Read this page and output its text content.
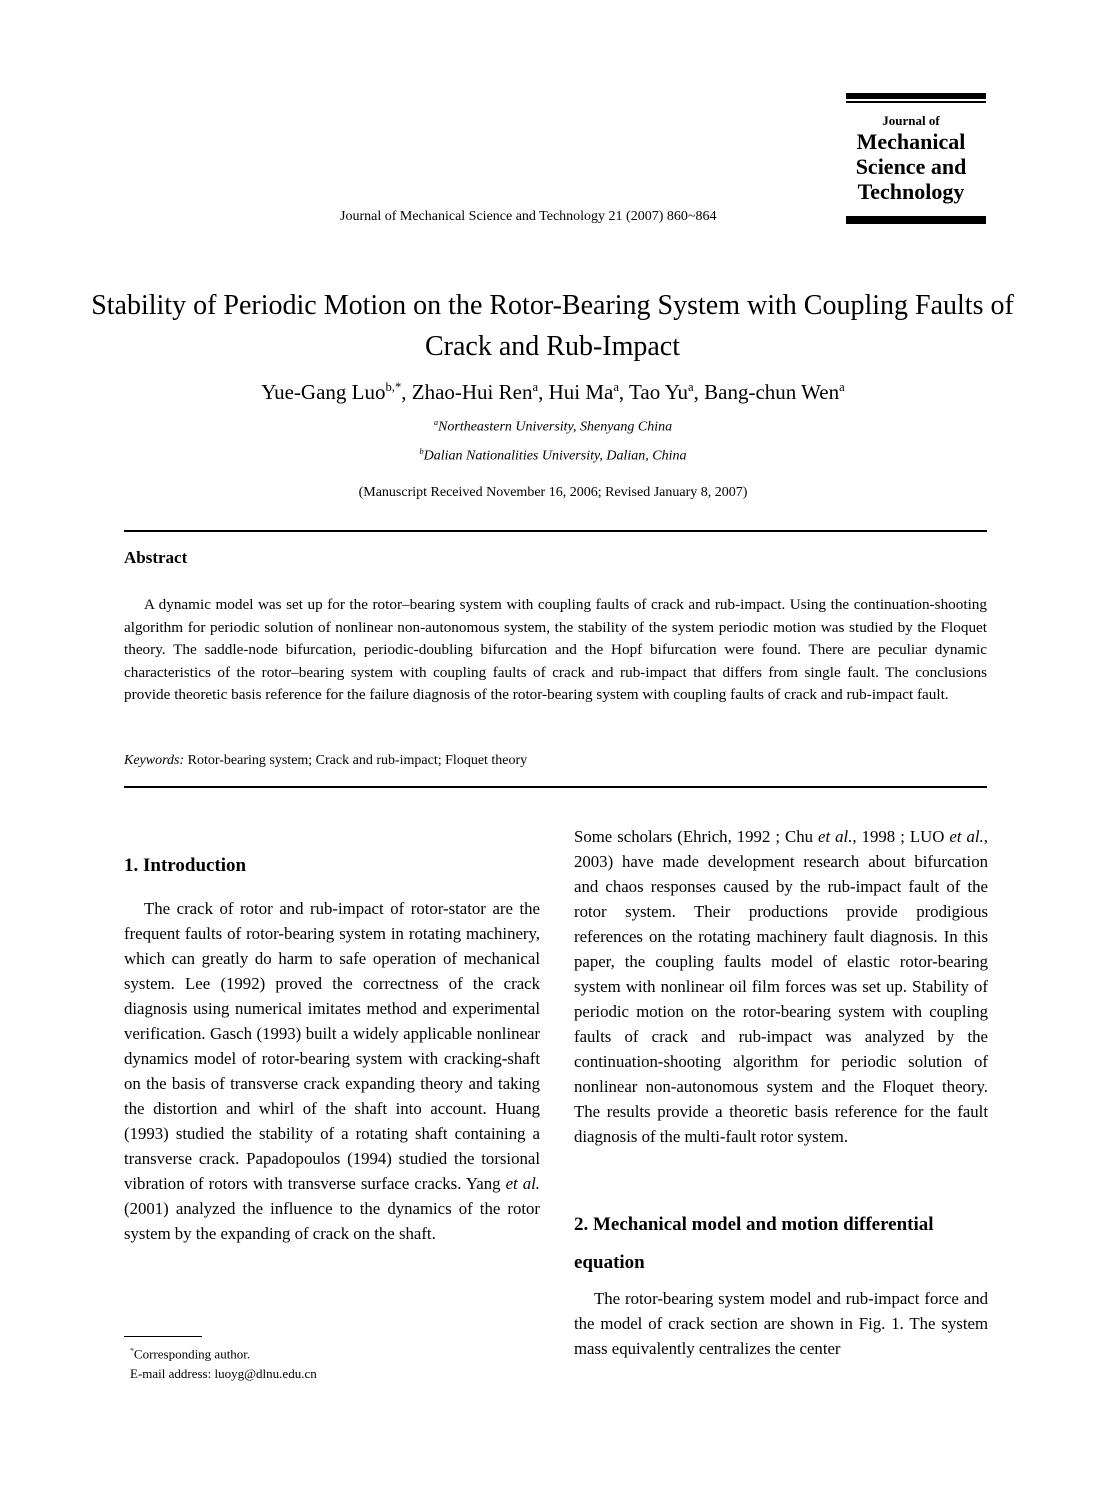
Journal of
Mechanical
Science and
Technology
Journal of Mechanical Science and Technology 21 (2007) 860~864
Stability of Periodic Motion on the Rotor-Bearing System with Coupling Faults of Crack and Rub-Impact
Yue-Gang Luo$^{b,*}$, Zhao-Hui Ren$^a$, Hui Ma$^a$, Tao Yu$^a$, Bang-chun Wen$^a$
$^a$Northeastern University, Shenyang China
$^b$Dalian Nationalities University, Dalian, China
(Manuscript Received November 16, 2006; Revised January 8, 2007)
Abstract
A dynamic model was set up for the rotor–bearing system with coupling faults of crack and rub-impact. Using the continuation-shooting algorithm for periodic solution of nonlinear non-autonomous system, the stability of the system periodic motion was studied by the Floquet theory. The saddle-node bifurcation, periodic-doubling bifurcation and the Hopf bifurcation were found. There are peculiar dynamic characteristics of the rotor–bearing system with coupling faults of crack and rub-impact that differs from single fault. The conclusions provide theoretic basis reference for the failure diagnosis of the rotor-bearing system with coupling faults of crack and rub-impact fault.
Keywords: Rotor-bearing system; Crack and rub-impact; Floquet theory
1. Introduction
The crack of rotor and rub-impact of rotor-stator are the frequent faults of rotor-bearing system in rotating machinery, which can greatly do harm to safe operation of mechanical system. Lee (1992) proved the correctness of the crack diagnosis using numerical imitates method and experimental verification. Gasch (1993) built a widely applicable nonlinear dynamics model of rotor-bearing system with cracking-shaft on the basis of transverse crack expanding theory and taking the distortion and whirl of the shaft into account. Huang (1993) studied the stability of a rotating shaft containing a transverse crack. Papadopoulos (1994) studied the torsional vibration of rotors with transverse surface cracks. Yang et al. (2001) analyzed the influence to the dynamics of the rotor system by the expanding of crack on the shaft.
Some scholars (Ehrich, 1992 ; Chu et al., 1998 ; LUO et al., 2003) have made development research about bifurcation and chaos responses caused by the rub-impact fault of the rotor system. Their productions provide prodigious references on the rotating machinery fault diagnosis. In this paper, the coupling faults model of elastic rotor-bearing system with nonlinear oil film forces was set up. Stability of periodic motion on the rotor-bearing system with coupling faults of crack and rub-impact was analyzed by the continuation-shooting algorithm for periodic solution of nonlinear non-autonomous system and the Floquet theory. The results provide a theoretic basis reference for the fault diagnosis of the multi-fault rotor system.
2. Mechanical model and motion differential equation
The rotor-bearing system model and rub-impact force and the model of crack section are shown in Fig. 1. The system mass equivalently centralizes the center
*Corresponding author.
E-mail address: luoyg@dlnu.edu.cn
